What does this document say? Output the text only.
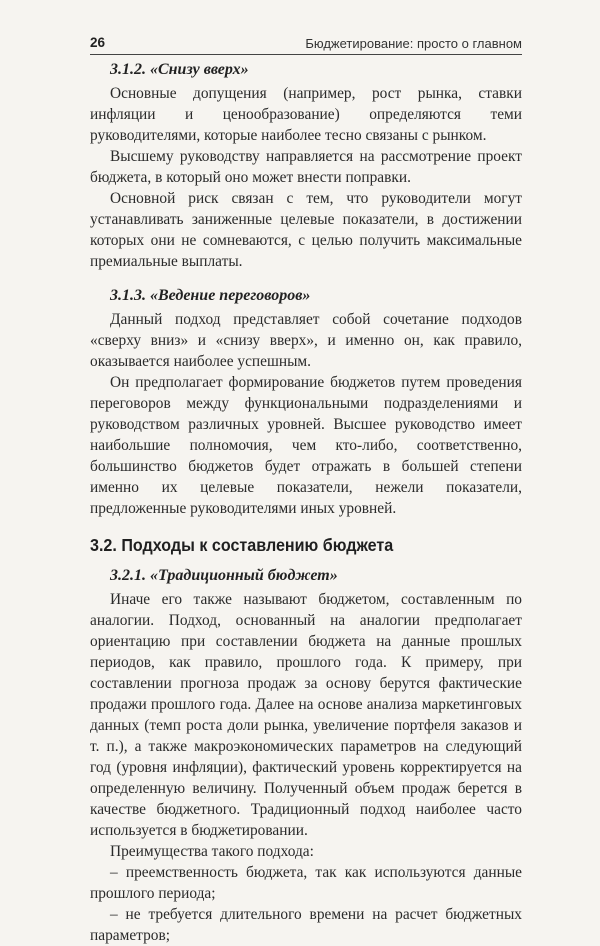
26	Бюджетирование: просто о главном
3.1.2. «Снизу вверх»

Основные допущения (например, рост рынка, ставки инфляции и ценообразование) определяются теми руководителями, которые наиболее тесно связаны с рынком.

Высшему руководству направляется на рассмотрение проект бюджета, в который оно может внести поправки.

Основной риск связан с тем, что руководители могут устанавливать заниженные целевые показатели, в достижении которых они не сомневаются, с целью получить максимальные премиальные выплаты.

3.1.3. «Ведение переговоров»

Данный подход представляет собой сочетание подходов «сверху вниз» и «снизу вверх», и именно он, как правило, оказывается наиболее успешным.

Он предполагает формирование бюджетов путем проведения переговоров между функциональными подразделениями и руководством различных уровней. Высшее руководство имеет наибольшие полномочия, чем кто-либо, соответственно, большинство бюджетов будет отражать в большей степени именно их целевые показатели, нежели показатели, предложенные руководителями иных уровней.

3.2. Подходы к составлению бюджета
3.2.1. «Традиционный бюджет»

Иначе его также называют бюджетом, составленным по аналогии. Подход, основанный на аналогии предполагает ориентацию при составлении бюджета на данные прошлых периодов, как правило, прошлого года. К примеру, при составлении прогноза продаж за основу берутся фактические продажи прошлого года. Далее на основе анализа маркетинговых данных (темп роста доли рынка, увеличение портфеля заказов и т. п.), а также макроэкономических параметров на следующий год (уровня инфляции), фактический уровень корректируется на определенную величину. Полученный объем продаж берется в качестве бюджетного. Традиционный подход наиболее часто используется в бюджетировании.

Преимущества такого подхода:

– преемственность бюджета, так как используются данные прошлого периода;

– не требуется длительного времени на расчет бюджетных параметров;
